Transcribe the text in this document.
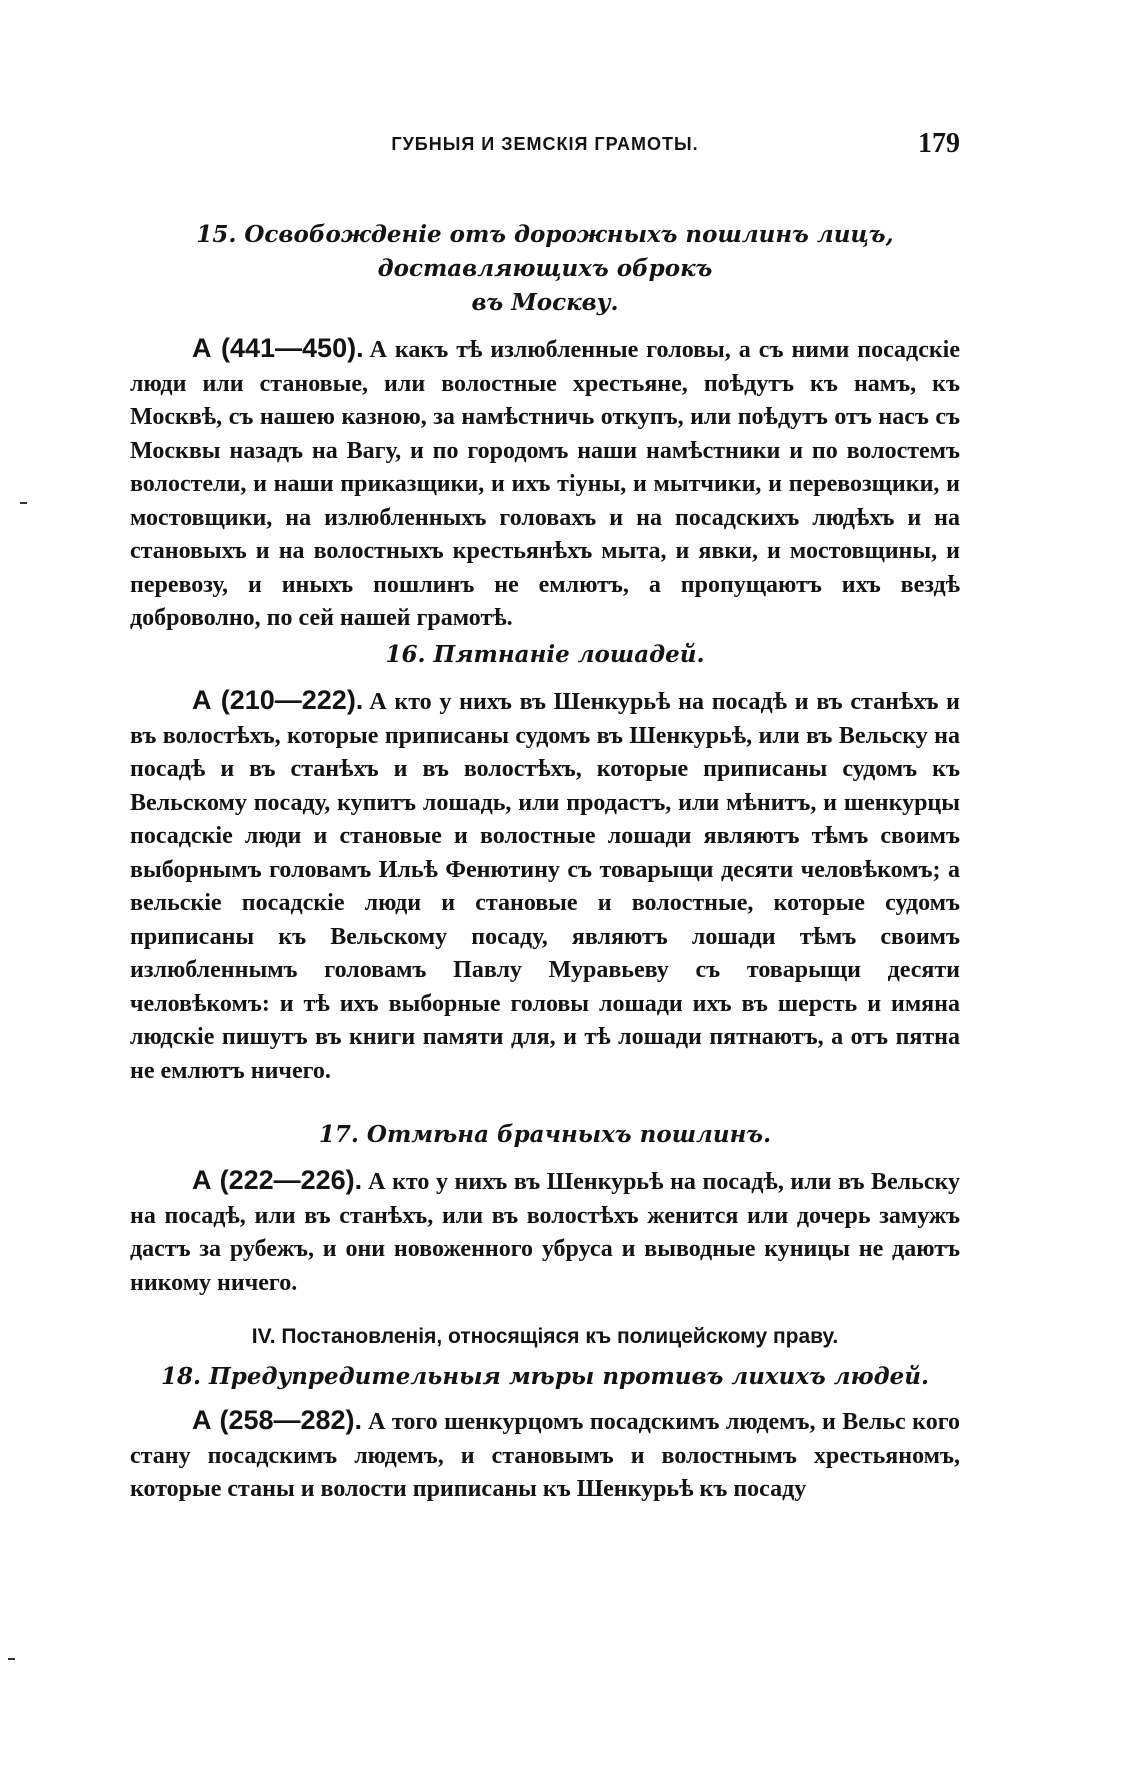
ГУБНЫЯ И ЗЕМСКІЯ ГРАМОТЫ.	179
15. Освобожденіе отъ дорожныхъ пошлинъ лицъ, доставляющихъ оброкъ
въ Москву.
А (441—450). А какъ тѣ излюбленные головы, а съ ними посадскіе люди или становые, или волостные хрестьяне, поѣдутъ къ намъ, къ Москвѣ, съ нашею казною, за намѣстничь откупъ, или поѣдутъ отъ насъ съ Москвы назадъ на Вагу, и по городомъ наши намѣстники и по волостемъ волостели, и наши приказщики, и ихъ тіуны, и мытчики, и перевозщики, и мостовщики, на излюбленныхъ головахъ и на посадскихъ людѣхъ и на становыхъ и на волостныхъ крестьянѣхъ мыта, и явки, и мостовщины, и перевозу, и иныхъ пошлинъ не емлютъ, а пропущаютъ ихъ вездѣ доброволно, по сей нашей грамотѣ.
16. Пятнаніе лошадей.
А (210—222). А кто у нихъ въ Шенкурьѣ на посадѣ и въ станѣхъ и въ волостѣхъ, которые приписаны судомъ въ Шенкурьѣ, или въ Вельску на посадѣ и въ станѣхъ и въ волостѣхъ, которые приписаны судомъ къ Вельскому посаду, купитъ лошадь, или продастъ, или мѣнитъ, и шенкурцы посадскіе люди и становые и волостные лошади являютъ тѣмъ своимъ выборнымъ головамъ Ильѣ Фенютину съ товарыщи десяти человѣкомъ; а вельскіе посадскіе люди и становые и волостные, которые судомъ приписаны къ Вельскому посаду, являютъ лошади тѣмъ своимъ излюбленнымъ головамъ Павлу Муравьеву съ товарыщи десяти человѣкомъ: и тѣ ихъ выборные головы лошади ихъ въ шерсть и имяна людскіе пишутъ въ книги памяти для, и тѣ лошади пятнаютъ, а отъ пятна не емлютъ ничего.
17. Отмѣна брачныхъ пошлинъ.
А (222—226). А кто у нихъ въ Шенкурьѣ на посадѣ, или въ Вельску на посадѣ, или въ станѣхъ, или въ волостѣхъ женится или дочерь замужъ дастъ за рубежъ, и они новоженного убруса и выводные куницы не даютъ никому ничего.
IV. Постановленія, относящіяся къ полицейскому праву.
18. Предупредительныя мѣры противъ лихихъ людей.
А (258—282). А того шенкурцомъ посадскимъ людемъ, и Вельс кого стану посадскимъ людемъ, и становымъ и волостнымъ хрестьяномъ, которые станы и волости приписаны къ Шенкурьѣ къ посаду
